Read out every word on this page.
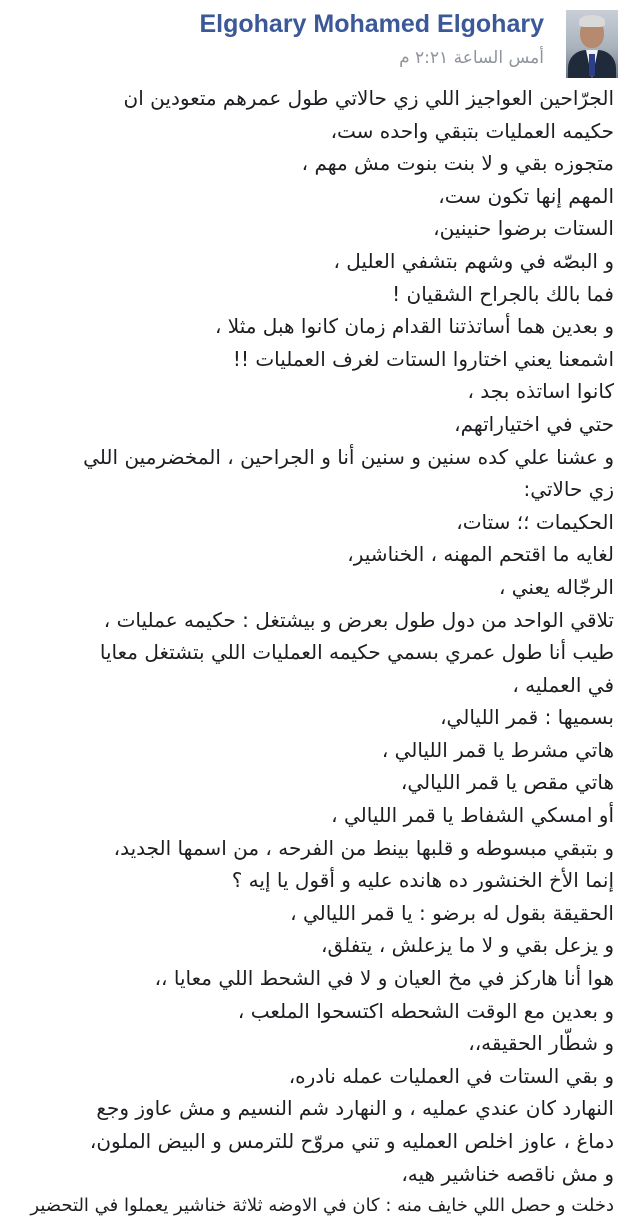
Elgohary Mohamed Elgohary
أمس الساعة ٢:٢١ م
الجرّاحين العواجيز اللي زي حالاتي طول عمرهم متعودين ان
حكيمه العمليات بتبقي واحده ست،
متجوزه بقي و لا بنت بنوت مش مهم ،
المهم إنها تكون ست،
الستات برضوا حنينين،
و البصّه في وشهم بتشفي العليل ،
فما بالك بالجراح الشقيان !
و بعدين هما أساتذتنا القدام زمان كانوا هبل مثلا ،
اشمعنا يعني اختاروا الستات لغرف العمليات !!
كانوا اساتذه بجد ،
حتي في اختياراتهم،
و عشنا علي كده سنين و سنين أنا و الجراحين ، المخضرمين اللي
زي حالاتي:
الحكيمات ؛؛ ستات،
لغايه ما اقتحم المهنه ، الخناشير،
الرجّاله يعني ،
تلاقي الواحد من دول طول بعرض و بيشتغل : حكيمه عمليات ،
طيب أنا طول عمري بسمي حكيمه العمليات اللي بتشتغل معايا
في العمليه ،
بسميها : قمر الليالي،
هاتي مشرط يا قمر الليالي ،
هاتي مقص يا قمر الليالي،
أو امسكي الشفاط يا قمر الليالي ،
و بتبقي مبسوطه و قلبها بينط من الفرحه ، من اسمها الجديد،
إنما الأخ الخنشور ده هانده عليه و أقول يا إيه ؟
الحقيقة بقول له برضو : يا قمر الليالي ،
و يزعل بقي و لا ما يزعلش ، يتفلق،
هوا أنا هاركز في مخ العيان و لا في الشحط اللي معايا ،،
و بعدين مع الوقت الشحطه اكتسحوا الملعب ،
و شطّار الحقيقه،،
و بقي الستات في العمليات عمله نادره،
النهارد كان عندي عمليه ، و النهارد شم النسيم و مش عاوز وجع
دماغ ، عاوز اخلص العمليه و تني مروّح للترمس و البيض الملون،
و مش ناقصه خناشير هيه،
دخلت و حصل اللي خايف منه : كان في الاوضه ثلاثة خناشير يعملوا في التحضير
